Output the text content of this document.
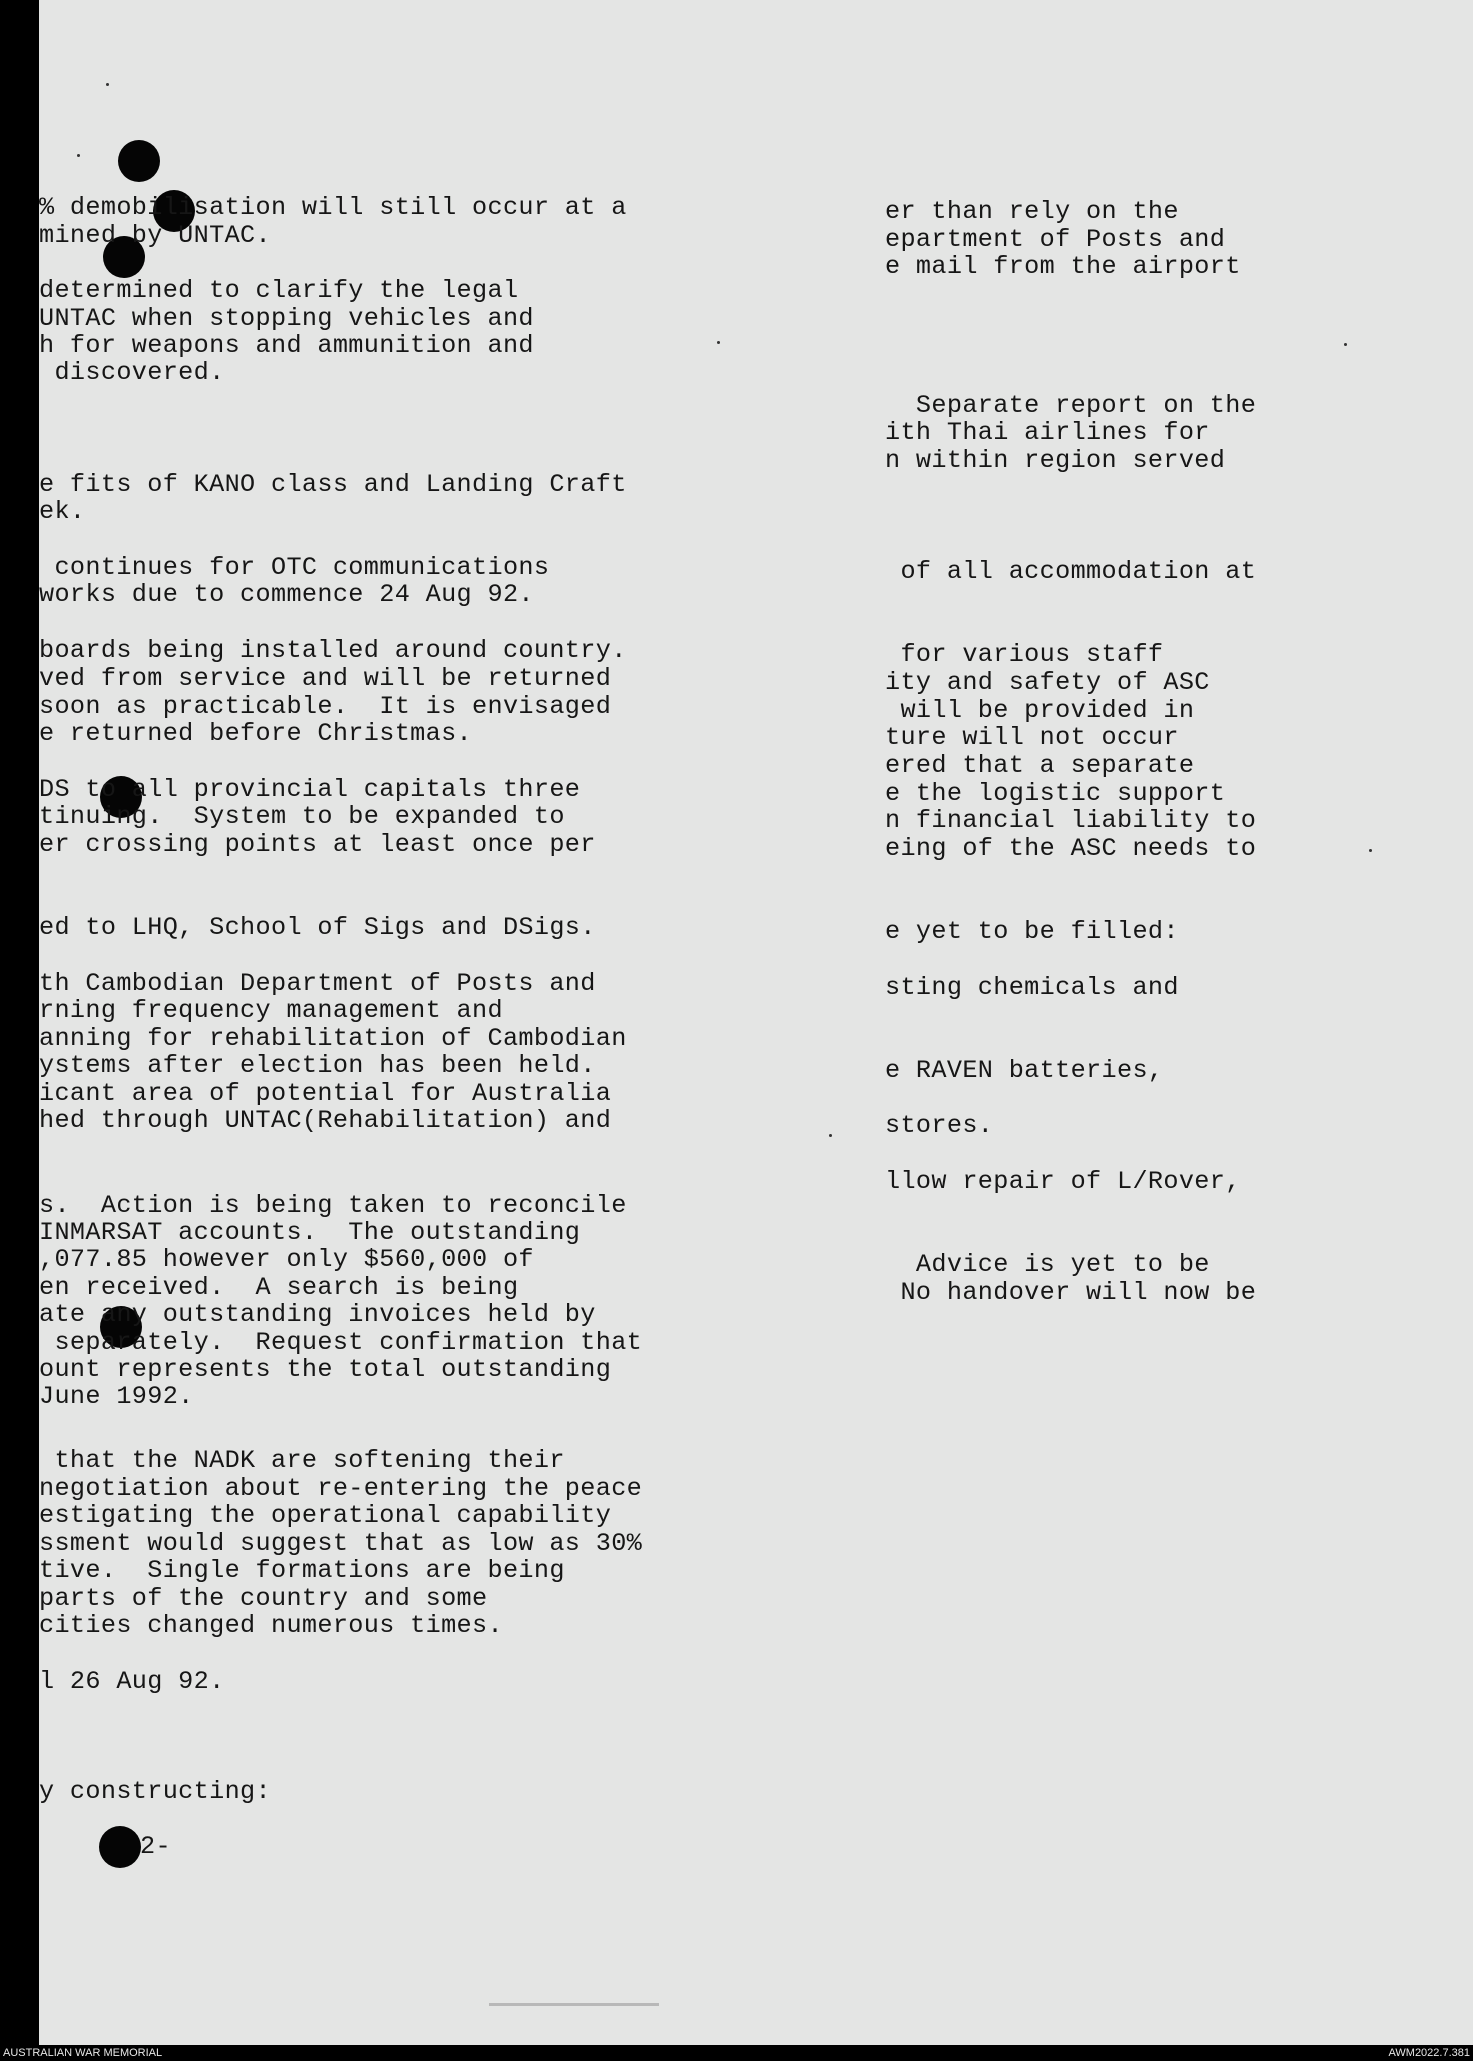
% demobilisation will still occur at a
mined by UNTAC.
determined to clarify the legal
UNTAC when stopping vehicles and
h for weapons and ammunition and
discovered.
e fits of KANO class and Landing Craft
ek.
continues for OTC communications
works due to commence 24 Aug 92.
boards being installed around country.
ved from service and will be returned
soon as practicable.  It is envisaged
e returned before Christmas.
DS to all provincial capitals three
tinuing.  System to be expanded to
er crossing points at least once per
ed to LHQ, School of Sigs and DSigs.
th Cambodian Department of Posts and
rning frequency management and
anning for rehabilitation of Cambodian
ystems after election has been held.
icant area of potential for Australia
hed through UNTAC(Rehabilitation) and
s.  Action is being taken to reconcile
INMARSAT accounts.  The outstanding
,077.85 however only $560,000 of
en received.  A search is being
ate any outstanding invoices held by
separately.  Request confirmation that
ount represents the total outstanding
June 1992.
that the NADK are softening their
negotiation about re-entering the peace
estigating the operational capability
ssment would suggest that as low as 30%
tive.  Single formations are being
parts of the country and some
cities changed numerous times.
l 26 Aug 92.
y constructing:
2-
er than rely on the
epartment of Posts and
e mail from the airport
Separate report on the
ith Thai airlines for
n within region served
of all accommodation at
for various staff
ity and safety of ASC
will be provided in
ture will not occur
ered that a separate
e the logistic support
n financial liability to
eing of the ASC needs to
e yet to be filled:
sting chemicals and
e RAVEN batteries,
stores.
llow repair of L/Rover,
Advice is yet to be
No handover will now be
AUSTRALIAN WAR MEMORIAL	AWM2022.7.381
